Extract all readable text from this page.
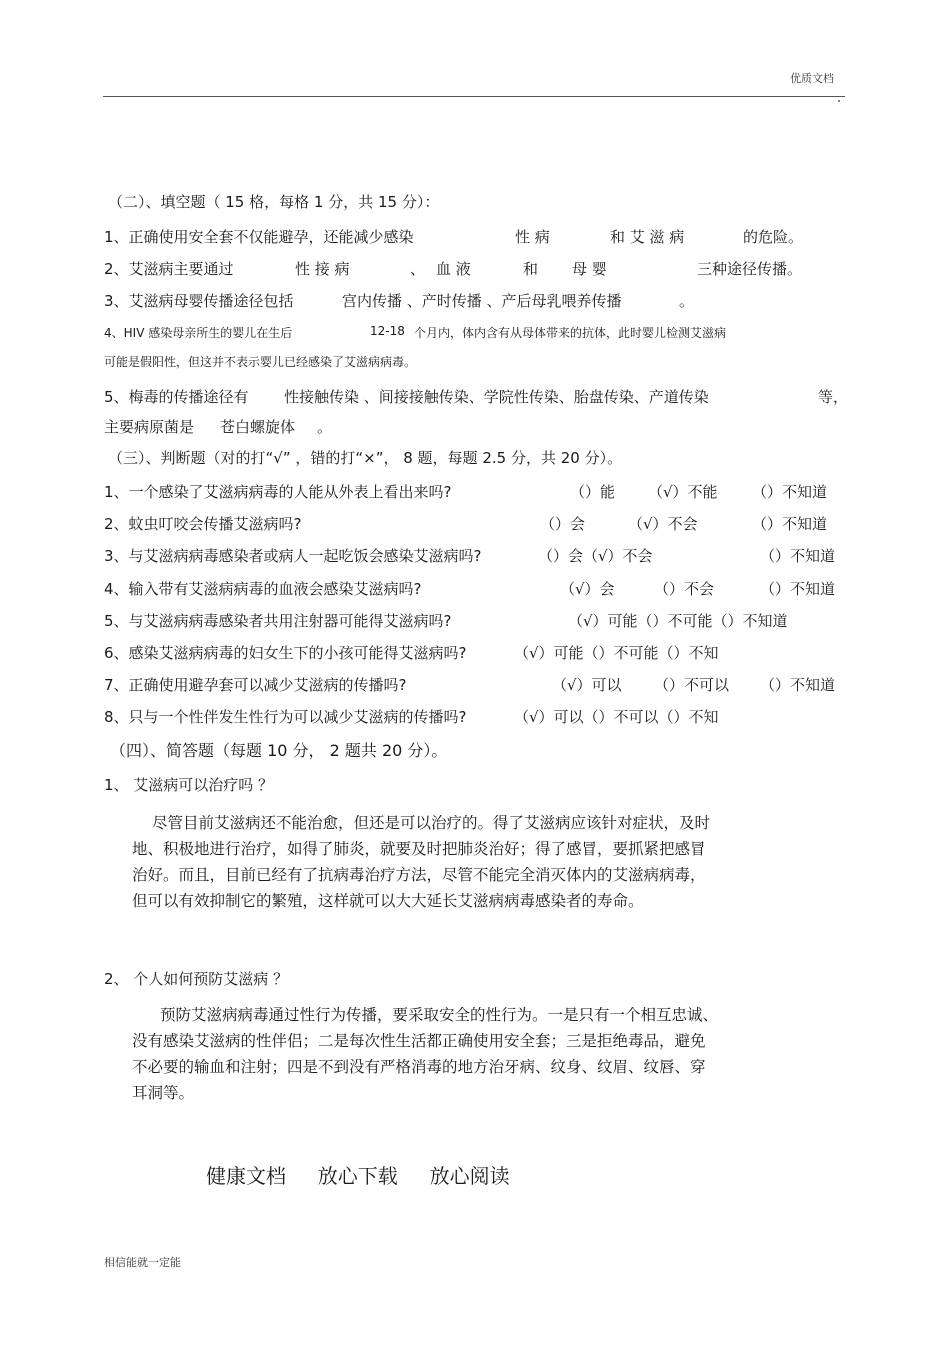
优质文档
（二）、填空题（ 15 格，每格 1 分，共 15 分）：
1、正确使用安全套不仅能避孕，还能减少感染	性 病	和 艾 滋 病	的危险。
2、艾滋病主要通过	性 接 病	、 血 液	和 母 婴	三种途径传播。
3、艾滋病母婴传播途径包括	宫内传播 、产时传播 、产后母乳喂养传播	。
4、HIV 感染母亲所生的婴儿在生后	12-18 个月内，体内含有从母体带来的抗体，此时婴儿检测艾滋病
可能是假阳性，但这并不表示婴儿已经感染了艾滋病病毒。
5、梅毒的传播途径有 性接触传染 、间接接触传染、学院性传染、胎盘传染、产道传染	等，
主要病原菌是 苍白螺旋体 。
（三）、判断题（对的打“√” ，错的打“×”， 8 题，每题 2.5 分，共 20 分）。
1、一个感染了艾滋病病毒的人能从外表上看出来吗?	（）能 （√）不能 （）不知道
2、蚊虫叮咬会传播艾滋病吗?	（）会	（√）不会	（）不知道
3、与艾滋病病毒感染者或病人一起吃饭会感染艾滋病吗?	（）会（√）不会	（）不知道
4、输入带有艾滋病病毒的血液会感染艾滋病吗?	（√）会	（）不会	（）不知道
5、与艾滋病病毒感染者共用注射器可能得艾滋病吗?	（√）可能（）不可能（）不知道
6、感染艾滋病病毒的妇女生下的小孩可能得艾滋病吗?	（√）可能（）不可能（）不知
7、正确使用避孕套可以减少艾滋病的传播吗?	（√）可以 （）不可以 （）不知道
8、只与一个性伴发生性行为可以减少艾滋病的传播吗?	（√）可以（）不可以（）不知
（四）、简答题（每题 10 分， 2 题共 20 分）。
1、 艾滋病可以治疗吗 ？
尽管目前艾滋病还不能治愈，但还是可以治疗的。得了艾滋病应该针对症状，及时
地、积极地进行治疗，如得了肺炎，就要及时把肺炎治好；得了感冒，要抓紧把感冒
治好。而且，目前已经有了抗病毒治疗方法，尽管不能完全消灭体内的艾滋病病毒，
但可以有效抑制它的繁殖，这样就可以大大延长艾滋病病毒感染者的寿命。
2、 个人如何预防艾滋病 ？
预防艾滋病病毒通过性行为传播，要采取安全的性行为。一是只有一个相互忠诚、
没有感染艾滋病的性伴侣；二是每次性生活都正确使用安全套；三是拒绝毒品，避免
不必要的输血和注射；四是不到没有严格消毒的地方治牙病、纹身、纹眉、纹唇、穿
耳洞等。
健康文档     放心下载     放心阅读
相信能就一定能
